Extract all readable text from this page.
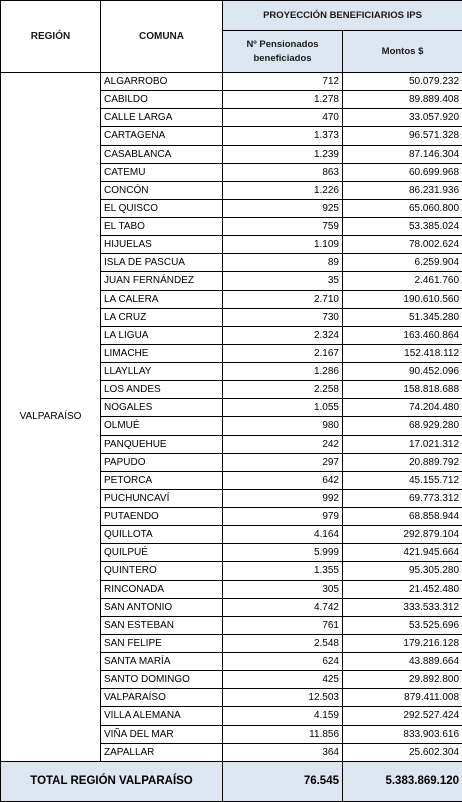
REGIÓN	COMUNA	PROYECCIÓN BENEFICIARIOS IPS	
		Nº Pensionados beneficiados	Montos $
VALPARAÍSO	ALGARROBO	712	50.079.232
	CABILDO	1.278	89.889.408
	CALLE LARGA	470	33.057.920
	CARTAGENA	1.373	96.571.328
	CASABLANCA	1.239	87.146.304
	CATEMU	863	60.699.968
	CONCÓN	1.226	86.231.936
	EL QUISCO	925	65.060.800
	EL TABO	759	53.385.024
	HIJUELAS	1.109	78.002.624
	ISLA DE PASCUA	89	6.259.904
	JUAN FERNÁNDEZ	35	2.461.760
	LA CALERA	2.710	190.610.560
	LA CRUZ	730	51.345.280
	LA LIGUA	2.324	163.460.864
	LIMACHE	2.167	152.418.112
	LLAYLLAY	1.286	90.452.096
	LOS ANDES	2.258	158.818.688
	NOGALES	1.055	74.204.480
	OLMUÉ	980	68.929.280
	PANQUEHUE	242	17.021.312
	PAPUDO	297	20.889.792
	PETORCA	642	45.155.712
	PUCHUNCAVÍ	992	69.773.312
	PUTAENDO	979	68.858.944
	QUILLOTA	4.164	292.879.104
	QUILPUÉ	5.999	421.945.664
	QUINTERO	1.355	95.305.280
	RINCONADA	305	21.452.480
	SAN ANTONIO	4.742	333.533.312
	SAN ESTEBAN	761	53.525.696
	SAN FELIPE	2.548	179.216.128
	SANTA MARÍA	624	43.889.664
	SANTO DOMINGO	425	29.892.800
	VALPARAÍSO	12.503	879.411.008
	VILLA ALEMANA	4.159	292.527.424
	VIÑA DEL MAR	11.856	833.903.616
	ZAPALLAR	364	25.602.304
TOTAL REGIÓN VALPARAÍSO		76.545	5.383.869.120
